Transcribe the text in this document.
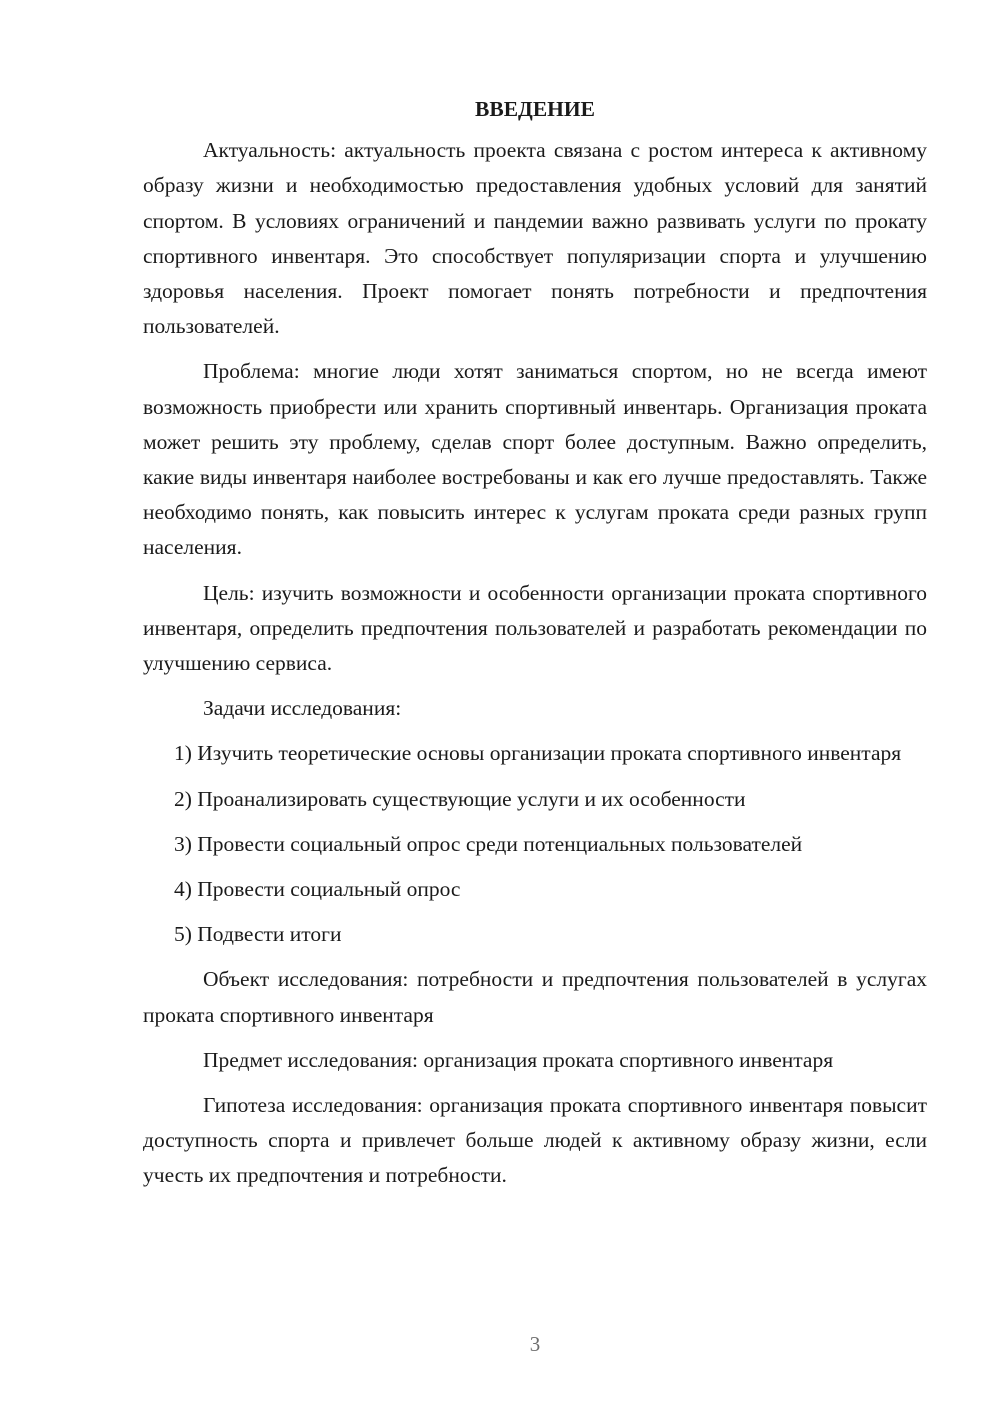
ВВЕДЕНИЕ

Актуальность: актуальность проекта связана с ростом интереса к активному образу жизни и необходимостью предоставления удобных условий для занятий спортом. В условиях ограничений и пандемии важно развивать услуги по прокату спортивного инвентаря. Это способствует популяризации спорта и улучшению здоровья населения. Проект помогает понять потребности и предпочтения пользователей.

Проблема: многие люди хотят заниматься спортом, но не всегда имеют возможность приобрести или хранить спортивный инвентарь. Организация проката может решить эту проблему, сделав спорт более доступным. Важно определить, какие виды инвентаря наиболее востребованы и как его лучше предоставлять. Также необходимо понять, как повысить интерес к услугам проката среди разных групп населения.

Цель: изучить возможности и особенности организации проката спортивного инвентаря, определить предпочтения пользователей и разработать рекомендации по улучшению сервиса.

Задачи исследования:

1) Изучить теоретические основы организации проката спортивного инвентаря

2) Проанализировать существующие услуги и их особенности

3) Провести социальный опрос среди потенциальных пользователей

4) Провести социальный опрос

5) Подвести итоги

Объект исследования: потребности и предпочтения пользователей в услугах проката спортивного инвентаря

Предмет исследования: организация проката спортивного инвентаря

Гипотеза исследования: организация проката спортивного инвентаря повысит доступность спорта и привлечет больше людей к активному образу жизни, если учесть их предпочтения и потребности.

3
